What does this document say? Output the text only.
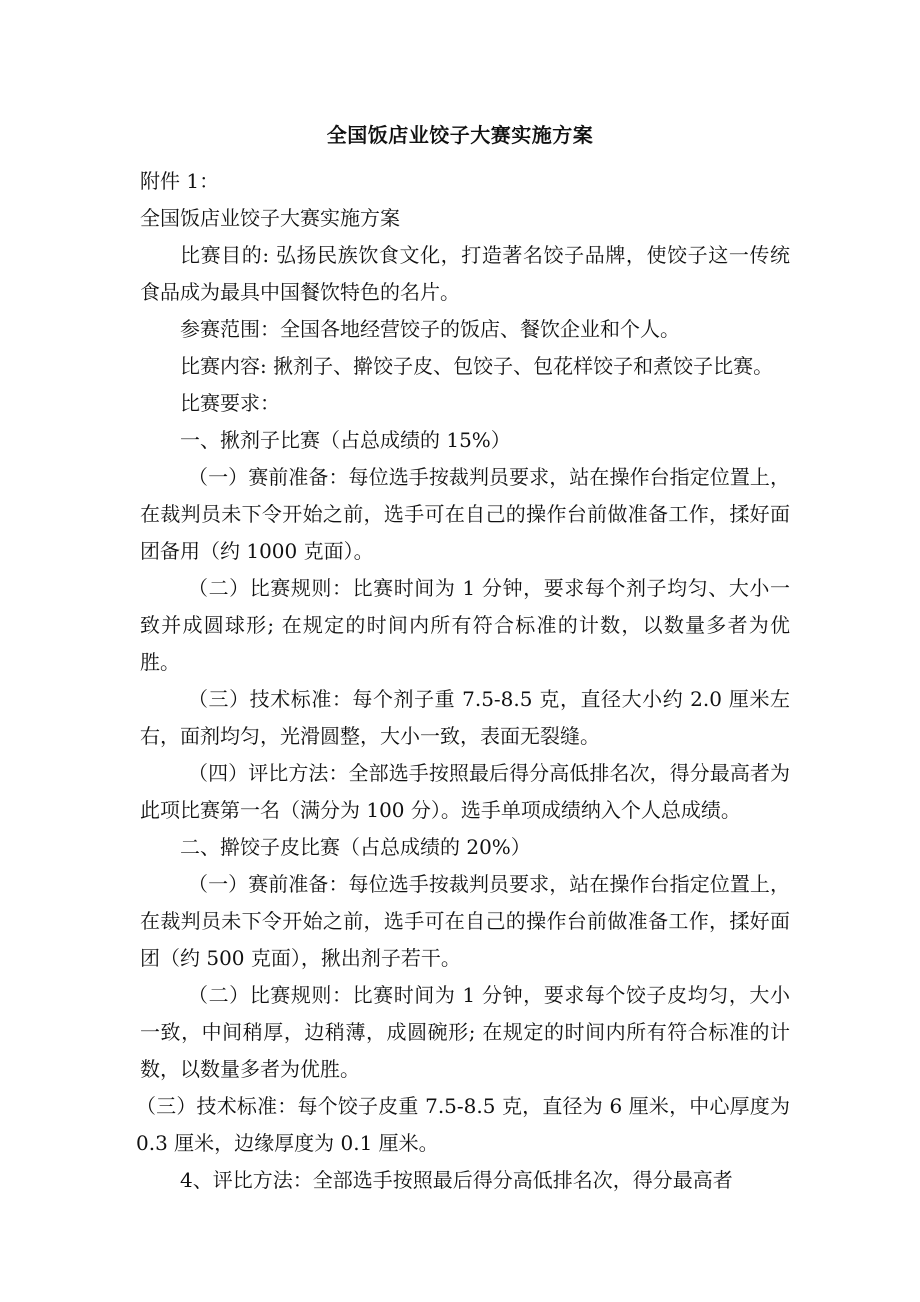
全国饭店业饺子大赛实施方案

附件 1：

全国饭店业饺子大赛实施方案

比赛目的: 弘扬民族饮食文化，打造著名饺子品牌，使饺子这一传统食品成为最具中国餐饮特色的名片。

参赛范围：全国各地经营饺子的饭店、餐饮企业和个人。

比赛内容: 揪剂子、擀饺子皮、包饺子、包花样饺子和煮饺子比赛。

比赛要求：

一、揪剂子比赛（占总成绩的 15%）

（一）赛前准备：每位选手按裁判员要求，站在操作台指定位置上，在裁判员未下令开始之前，选手可在自己的操作台前做准备工作，揉好面团备用（约 1000 克面）。

（二）比赛规则：比赛时间为 1 分钟，要求每个剂子均匀、大小一致并成圆球形; 在规定的时间内所有符合标准的计数，以数量多者为优胜。

（三）技术标准：每个剂子重 7.5-8.5 克，直径大小约 2.0 厘米左右，面剂均匀，光滑圆整，大小一致，表面无裂缝。

（四）评比方法：全部选手按照最后得分高低排名次，得分最高者为此项比赛第一名（满分为 100 分）。选手单项成绩纳入个人总成绩。

二、擀饺子皮比赛（占总成绩的 20%）

（一）赛前准备：每位选手按裁判员要求，站在操作台指定位置上，在裁判员未下令开始之前，选手可在自己的操作台前做准备工作，揉好面团（约 500 克面），揪出剂子若干。

（二）比赛规则：比赛时间为 1 分钟，要求每个饺子皮均匀，大小一致，中间稍厚，边稍薄，成圆碗形; 在规定的时间内所有符合标准的计数，以数量多者为优胜。

（三）技术标准：每个饺子皮重 7.5-8.5 克，直径为 6 厘米，中心厚度为 0.3 厘米，边缘厚度为 0.1 厘米。

4、评比方法：全部选手按照最后得分高低排名次，得分最高者
